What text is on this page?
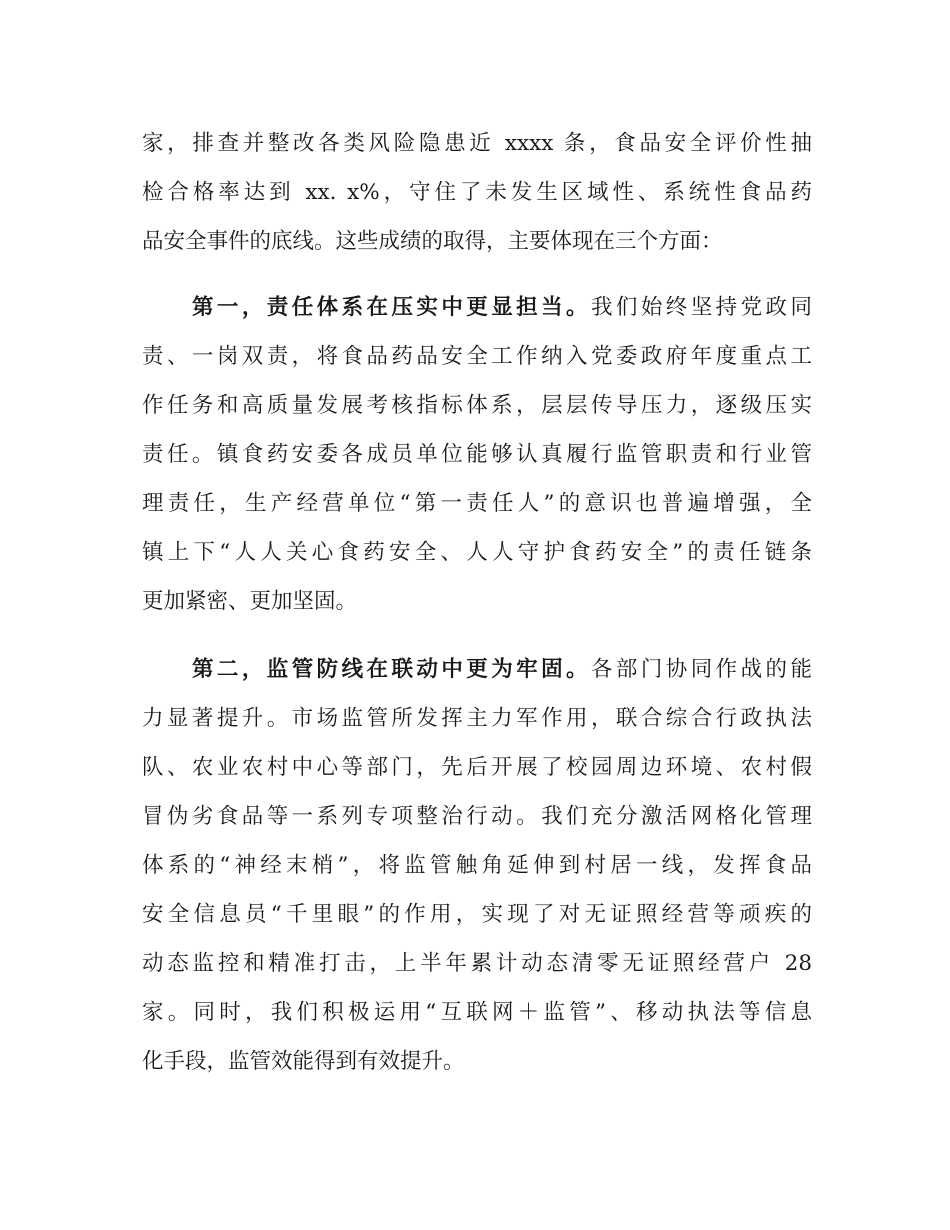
家，排查并整改各类风险隐患近 xxxx 条，食品安全评价性抽
检合格率达到 xx. x%，守住了未发生区域性、系统性食品药
品安全事件的底线。这些成绩的取得，主要体现在三个方面：
第一，责任体系在压实中更显担当。我们始终坚持党政同
责、一岗双责，将食品药品安全工作纳入党委政府年度重点工
作任务和高质量发展考核指标体系，层层传导压力，逐级压实
责任。镇食药安委各成员单位能够认真履行监管职责和行业管
理责任，生产经营单位“第一责任人”的意识也普遍增强，全
镇上下“人人关心食药安全、人人守护食药安全”的责任链条
更加紧密、更加坚固。
第二，监管防线在联动中更为牢固。各部门协同作战的能
力显著提升。市场监管所发挥主力军作用，联合综合行政执法
队、农业农村中心等部门，先后开展了校园周边环境、农村假
冒伪劣食品等一系列专项整治行动。我们充分激活网格化管理
体系的“神经末梢”，将监管触角延伸到村居一线，发挥食品
安全信息员“千里眼”的作用，实现了对无证照经营等顽疾的
动态监控和精准打击，上半年累计动态清零无证照经营户 28
家。同时，我们积极运用“互联网＋监管”、移动执法等信息
化手段，监管效能得到有效提升。
